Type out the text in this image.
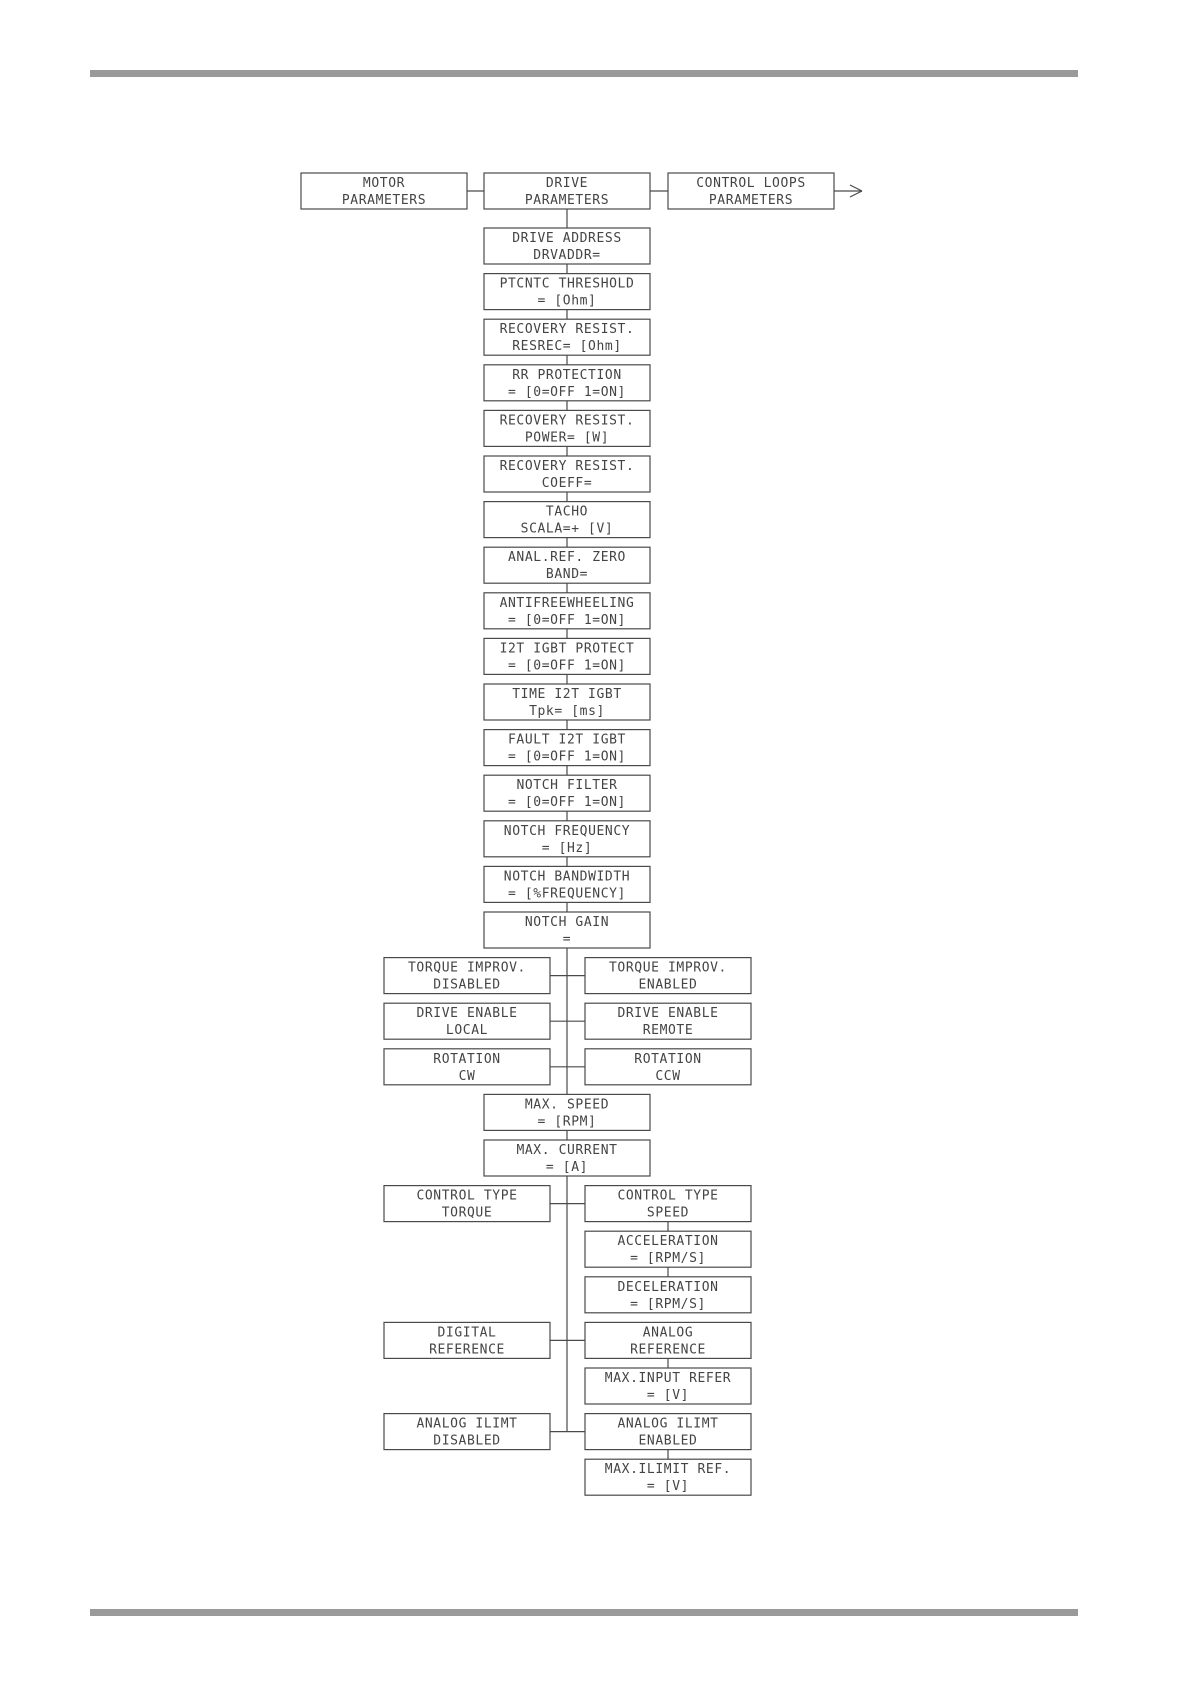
MOTOR
PARAMETERS
DRIVE
PARAMETERS
CONTROL LOOPS
PARAMETERS
DRIVE ADDRESS
DRVADDR=
PTCNTC THRESHOLD
= [Ohm]
RECOVERY RESIST.
RESREC= [Ohm]
RR PROTECTION
= [0=OFF 1=ON]
RECOVERY RESIST.
POWER= [W]
RECOVERY RESIST.
COEFF=
TACHO
SCALA=+ [V]
ANAL.REF. ZERO
BAND=
ANTIFREEWHEELING
= [0=OFF 1=ON]
I2T IGBT PROTECT
= [0=OFF 1=ON]
TIME I2T IGBT
Tpk= [ms]
FAULT I2T IGBT
= [0=OFF 1=ON]
NOTCH FILTER
= [0=OFF 1=ON]
NOTCH FREQUENCY
= [Hz]
NOTCH BANDWIDTH
= [%FREQUENCY]
NOTCH GAIN
=
TORQUE IMPROV.
DISABLED
TORQUE IMPROV.
ENABLED
DRIVE ENABLE
LOCAL
DRIVE ENABLE
REMOTE
ROTATION
CW
ROTATION
CCW
MAX. SPEED
= [RPM]
MAX. CURRENT
= [A]
CONTROL TYPE
TORQUE
CONTROL TYPE
SPEED
ACCELERATION
= [RPM/S]
DECELERATION
= [RPM/S]
DIGITAL
REFERENCE
ANALOG
REFERENCE
MAX.INPUT REFER
= [V]
ANALOG ILIMT
DISABLED
ANALOG ILIMT
ENABLED
MAX.ILIMIT REF.
= [V]
